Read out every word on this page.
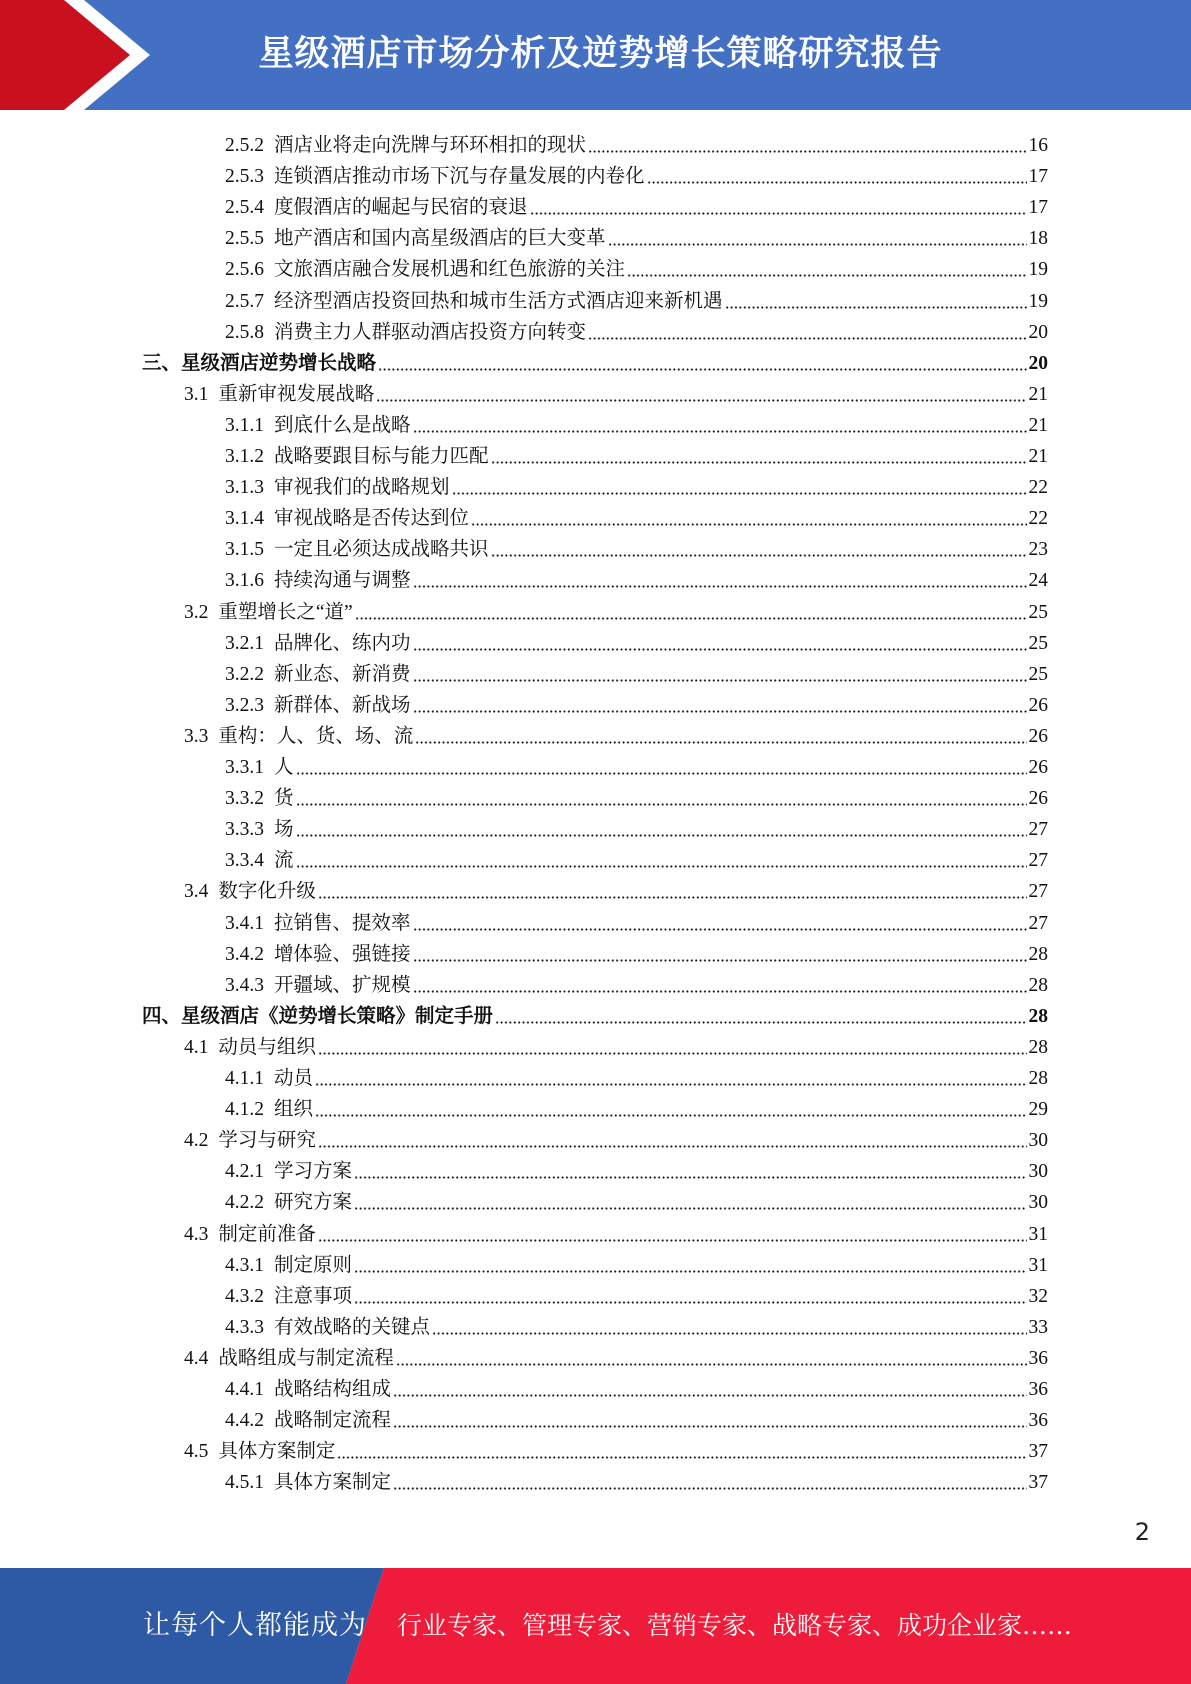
星级酒店市场分析及逆势增长策略研究报告
2.5.2 酒店业将走向洗牌与环环相扣的现状	16
2.5.3 连锁酒店推动市场下沉与存量发展的内卷化	17
2.5.4 度假酒店的崛起与民宿的衰退	17
2.5.5 地产酒店和国内高星级酒店的巨大变革	18
2.5.6 文旅酒店融合发展机遇和红色旅游的关注	19
2.5.7 经济型酒店投资回热和城市生活方式酒店迎来新机遇	19
2.5.8 消费主力人群驱动酒店投资方向转变	20
三、星级酒店逆势增长战略	20
3.1 重新审视发展战略	21
3.1.1 到底什么是战略	21
3.1.2 战略要跟目标与能力匹配	21
3.1.3 审视我们的战略规划	22
3.1.4 审视战略是否传达到位	22
3.1.5 一定且必须达成战略共识	23
3.1.6 持续沟通与调整	24
3.2 重塑增长之“道”	25
3.2.1 品牌化、练内功	25
3.2.2 新业态、新消费	25
3.2.3 新群体、新战场	26
3.3 重构：人、货、场、流	26
3.3.1 人	26
3.3.2 货	26
3.3.3 场	27
3.3.4 流	27
3.4 数字化升级	27
3.4.1 拉销售、提效率	27
3.4.2 增体验、强链接	28
3.4.3 开疆域、扩规模	28
四、星级酒店《逆势增长策略》制定手册	28
4.1 动员与组织	28
4.1.1 动员	28
4.1.2 组织	29
4.2 学习与研究	30
4.2.1 学习方案	30
4.2.2 研究方案	30
4.3 制定前准备	31
4.3.1 制定原则	31
4.3.2 注意事项	32
4.3.3 有效战略的关键点	33
4.4 战略组成与制定流程	36
4.4.1 战略结构组成	36
4.4.2 战略制定流程	36
4.5 具体方案制定	37
4.5.1 具体方案制定	37
2
让每个人都能成为 行业专家、管理专家、营销专家、战略专家、成功企业家……
